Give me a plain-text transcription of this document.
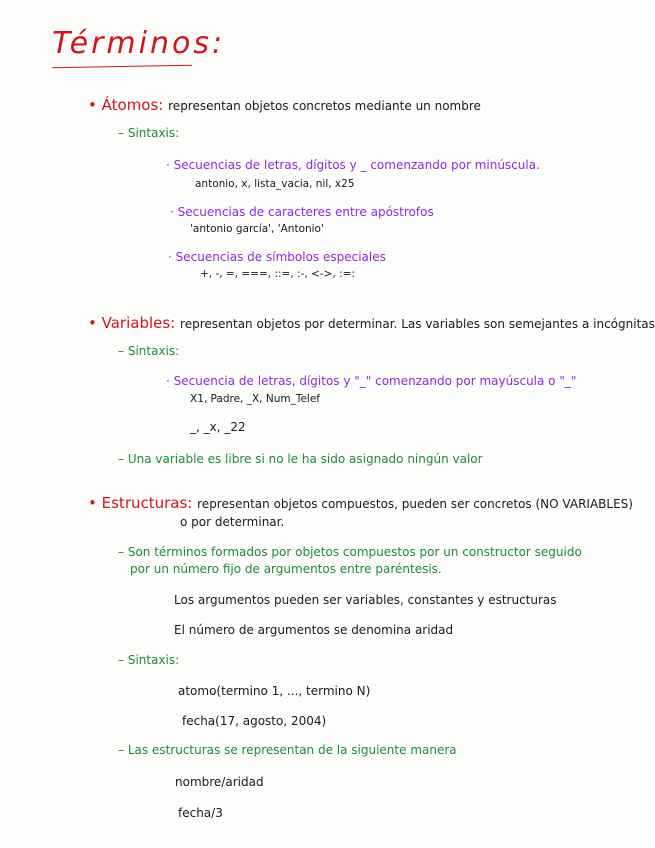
Términos:
• Átomos: representan objetos concretos mediante un nombre
– Sintaxis:
· Secuencias de letras, dígitos y _ comenzando por minúscula.
antonio, x, lista_vacia, nil, x25
· Secuencias de caracteres entre apóstrofos
'antonio garcía', 'Antonio'
· Secuencias de símbolos especiales
+, -, =, ===, ::=, :-, <->, :=:
• Variables: representan objetos por determinar. Las variables son semejantes a incógnitas
– Sintaxis:
· Secuencia de letras, dígitos y "_" comenzando por mayúscula o "_"
X1, Padre, _X, Num_Telef
_, _x, _22
– Una variable es libre si no le ha sido asignado ningún valor
• Estructuras: representan objetos compuestos, pueden ser concretos (NO VARIABLES)
o por determinar.
– Son términos formados por objetos compuestos por un constructor seguido
por un número fijo de argumentos entre paréntesis.
Los argumentos pueden ser variables, constantes y estructuras
El número de argumentos se denomina aridad
– Sintaxis:
atomo(termino 1, ..., termino N)
fecha(17, agosto, 2004)
– Las estructuras se representan de la siguiente manera
nombre/aridad
fecha/3
